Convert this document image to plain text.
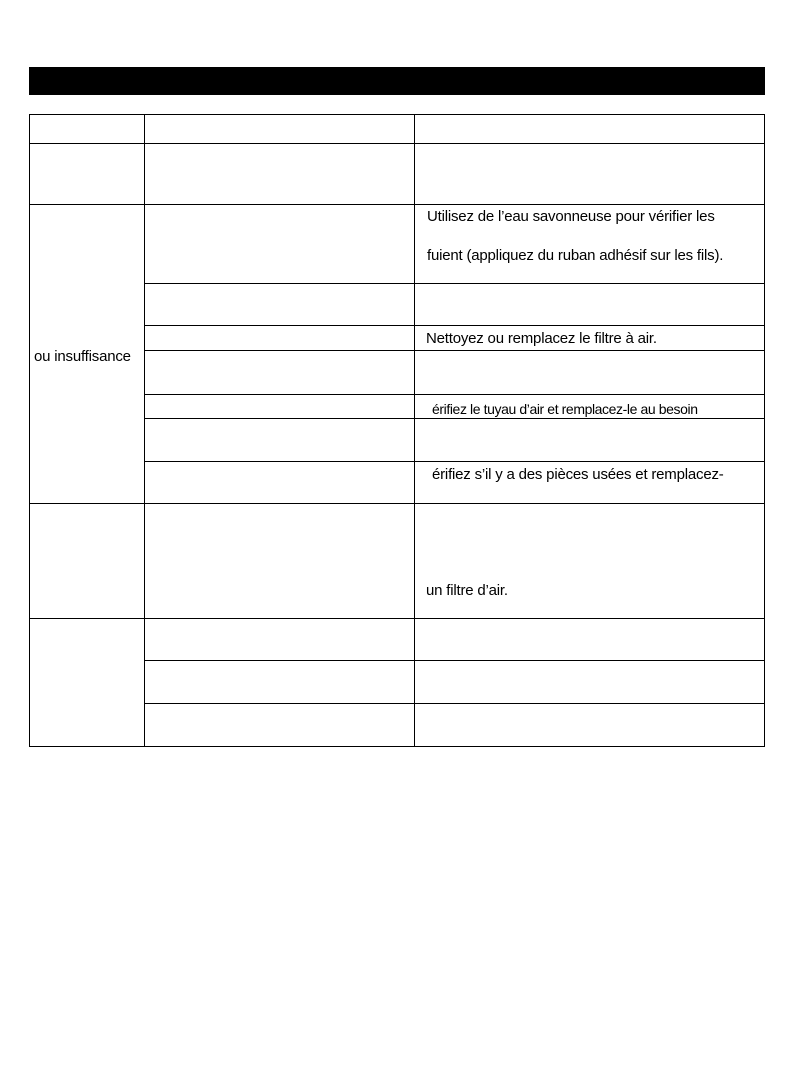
ou insuffisance
Utilisez de l’eau savonneuse pour vérifier les
fuient (appliquez du ruban adhésif sur les fils).
Nettoyez ou remplacez le filtre à air.
érifiez le tuyau d’air et remplacez-le au besoin
érifiez s’il y a des pièces usées et remplacez-
un filtre d’air.
